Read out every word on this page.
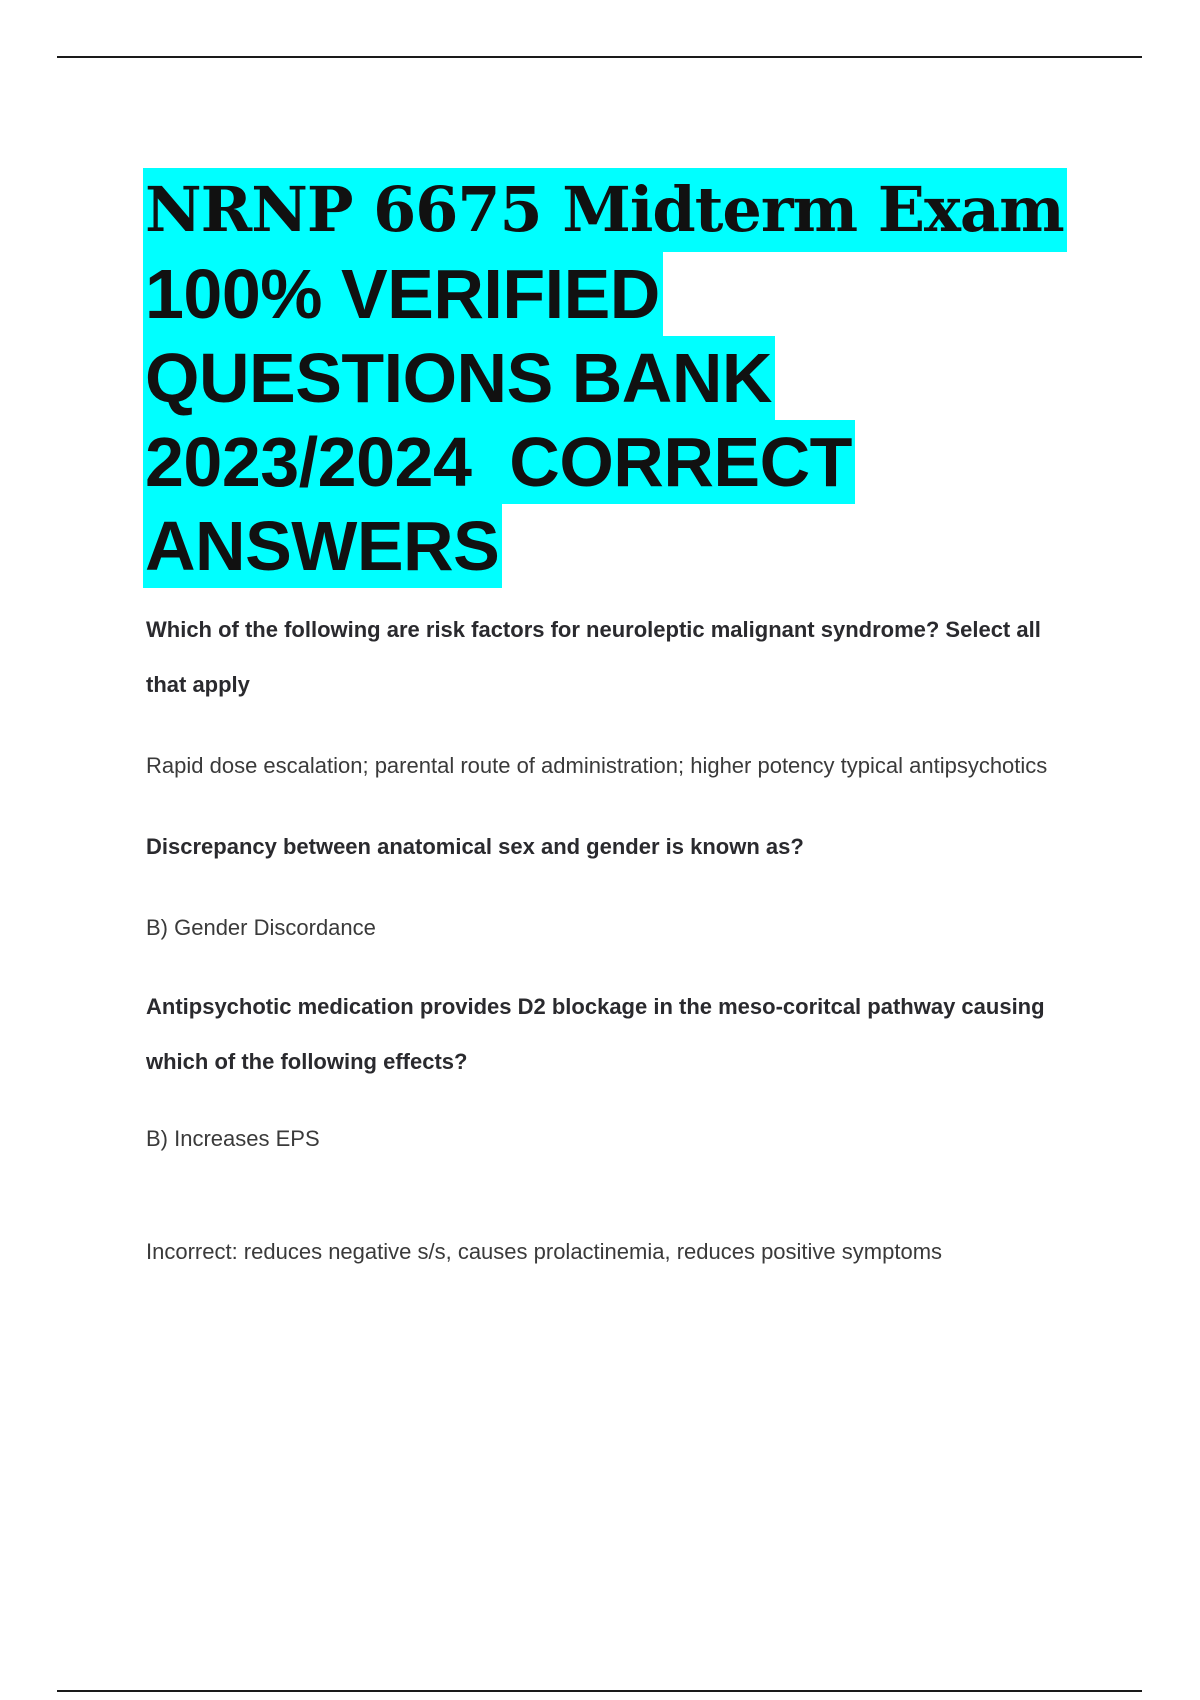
NRNP 6675 Midterm Exam
100% VERIFIED
QUESTIONS BANK
2023/2024  CORRECT
ANSWERS

Which of the following are risk factors for neuroleptic malignant syndrome? Select all that apply

Rapid dose escalation; parental route of administration; higher potency typical antipsychotics

Discrepancy between anatomical sex and gender is known as?

B) Gender Discordance

Antipsychotic medication provides D2 blockage in the meso-coritcal pathway causing which of the following effects?

B) Increases EPS

Incorrect: reduces negative s/s, causes prolactinemia, reduces positive symptoms
